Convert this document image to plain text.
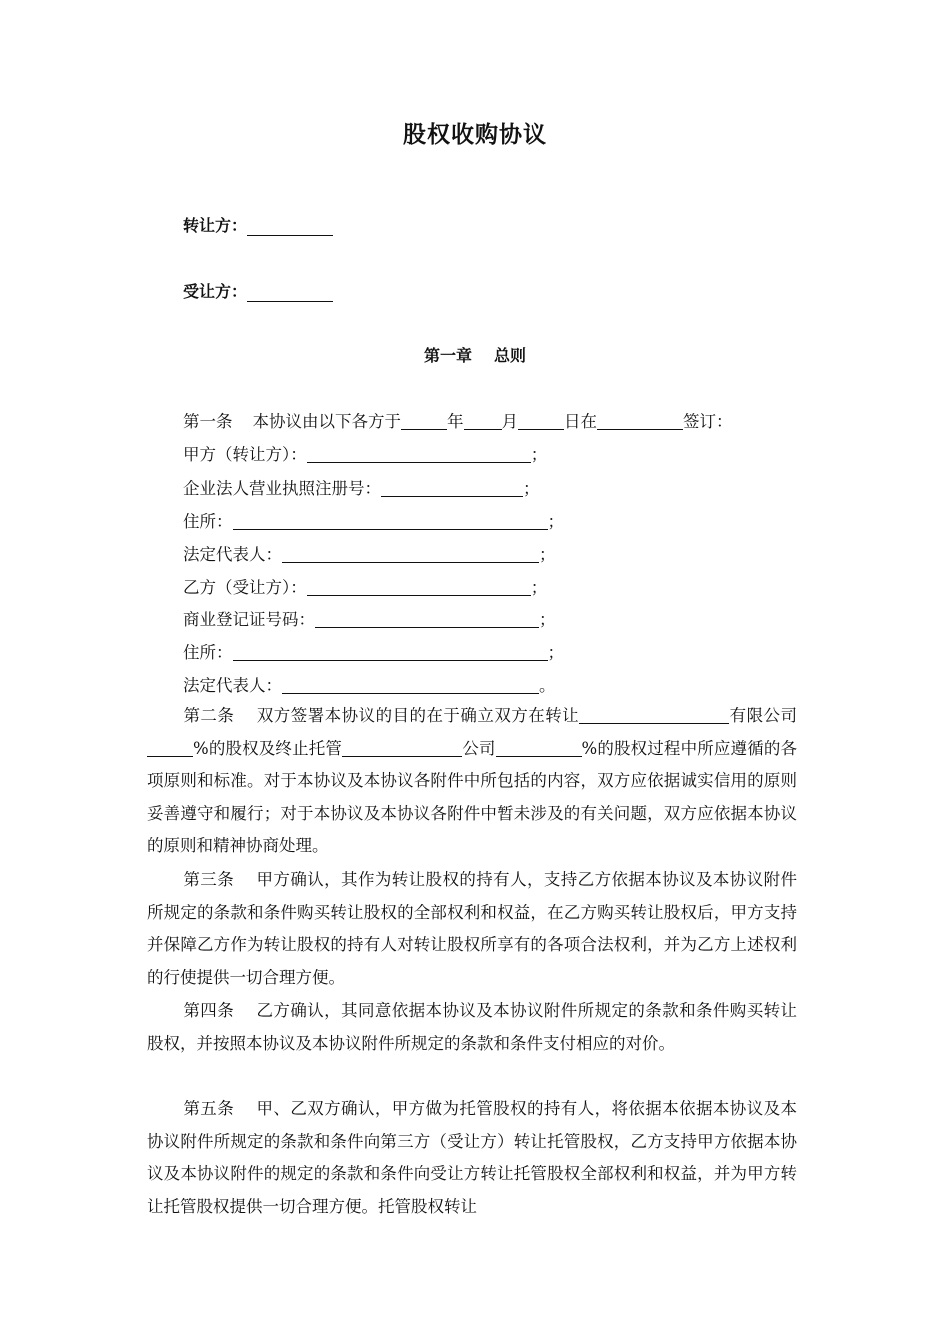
股权收购协议
转让方：
受让方：
第一章 总则
第一条 本协议由以下各方于	年 月	日在	签订：
甲方（转让方）：	；
企业法人营业执照注册号：	；
住所：	；
法定代表人：	；
乙方（受让方）：	；
商业登记证号码：	；
住所：	；
法定代表人：	。
第二条 双方签署本协议的目的在于确立双方在转让	有限公司%的股权及终止托管	公司	%的股权过程中所应遵循的各项原则和标准。对于本协议及本协议各附件中所包括的内容，双方应依据诚实信用的原则妥善遵守和履行；对于本协议及本协议各附件中暂未涉及的有关问题，双方应依据本协议的原则和精神协商处理。
第三条 甲方确认，其作为转让股权的持有人，支持乙方依据本协议及本协议附件所规定的条款和条件购买转让股权的全部权利和权益，在乙方购买转让股权后，甲方支持并保障乙方作为转让股权的持有人对转让股权所享有的各项合法权利，并为乙方上述权利的行使提供一切合理方便。
第四条 乙方确认，其同意依据本协议及本协议附件所规定的条款和条件购买转让股权，并按照本协议及本协议附件所规定的条款和条件支付相应的对价。
第五条 甲、乙双方确认，甲方做为托管股权的持有人，将依据本依据本协议及本协议附件所规定的条款和条件向第三方（受让方）转让托管股权，乙方支持甲方依据本协议及本协议附件的规定的条款和条件向受让方转让托管股权全部权利和权益，并为甲方转让托管股权提供一切合理方便。托管股权转让
